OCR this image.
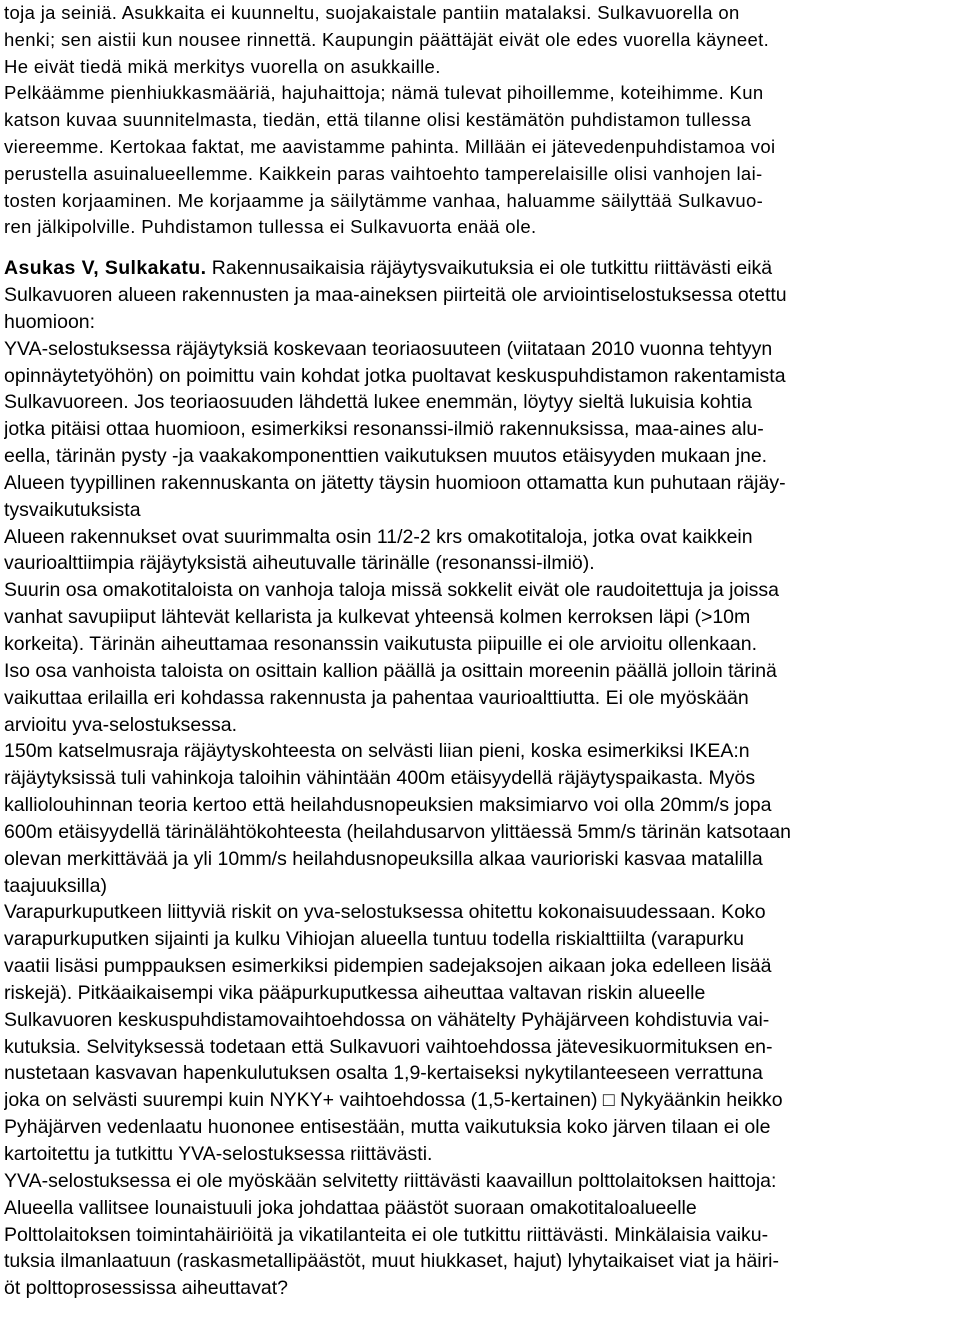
toja ja seiniä. Asukkaita ei kuunneltu, suojakaistale pantiin matalaksi. Sulkavuorella on
henki; sen aistii kun nousee rinnettä. Kaupungin päättäjät eivät ole edes vuorella käyneet.
He eivät tiedä mikä merkitys vuorella on asukkaille.
Pelkäämme pienhiukkasmääriä, hajuhaittoja; nämä tulevat pihoillemme, koteihimme. Kun
katson kuvaa suunnitelmasta, tiedän, että tilanne olisi kestämätön puhdistamon tullessa
viereemme. Kertokaa faktat, me aavistamme pahinta. Millään ei jätevedenpuhdistamoa voi
perustella asuinalueellemme. Kaikkein paras vaihtoehto tamperelaisille olisi vanhojen lai-
tosten korjaaminen. Me korjaamme ja säilytämme vanhaa, haluamme säilyttää Sulkavuo-
ren jälkipolville. Puhdistamon tullessa ei Sulkavuorta enää ole.
Asukas V, Sulkakatu. Rakennusaikaisia räjäytysvaikutuksia ei ole tutkittu riittävästi eikä
Sulkavuoren alueen rakennusten ja maa-aineksen piirteitä ole arviointiselostuksessa otettu
huomioon:
YVA-selostuksessa räjäytyksiä koskevaan teoriaosuuteen (viitataan 2010 vuonna tehtyyn
opinnäytetyöhön) on poimittu vain kohdat jotka puoltavat keskuspuhdistamon rakentamista
Sulkavuoreen. Jos teoriaosuuden lähdettä lukee enemmän, löytyy sieltä lukuisia kohtia
jotka pitäisi ottaa huomioon, esimerkiksi resonanssi-ilmiö rakennuksissa, maa-aines alu-
eella, tärinän pysty -ja vaakakomponenttien vaikutuksen muutos etäisyyden mukaan jne.
Alueen tyypillinen rakennuskanta on jätetty täysin huomioon ottamatta kun puhutaan räjäy-
tysvaikutuksista
Alueen rakennukset ovat suurimmalta osin 11/2-2 krs omakotitaloja, jotka ovat kaikkein
vaurioalttiimpia räjäytyksistä aiheutuvalle tärinälle (resonanssi-ilmiö).
Suurin osa omakotitaloista on vanhoja taloja missä sokkelit eivät ole raudoitettuja ja joissa
vanhat savupiiput lähtevät kellarista ja kulkevat yhteensä kolmen kerroksen läpi (>10m
korkeita). Tärinän aiheuttamaa resonanssin vaikutusta piipuille ei ole arvioitu ollenkaan.
Iso osa vanhoista taloista on osittain kallion päällä ja osittain moreenin päällä jolloin tärinä
vaikuttaa erilailla eri kohdassa rakennusta ja pahentaa vaurioalttiutta. Ei ole myöskään
arvioitu yva-selostuksessa.
150m katselmusraja räjäytyskohteesta on selvästi liian pieni, koska esimerkiksi IKEA:n
räjäytyksissä tuli vahinkoja taloihin vähintään 400m etäisyydellä räjäytyspaikasta. Myös
kalliolouhinnan teoria kertoo että heilahdusnopeuksien maksimiarvo voi olla 20mm/s jopa
600m etäisyydellä tärinälähtökohteesta (heilahdusarvon ylittäessä 5mm/s tärinän katsotaan
olevan merkittävää ja yli 10mm/s heilahdusnopeuksilla alkaa vaurioriski kasvaa matalilla
taajuuksilla)
Varapurkuputkeen liittyviä riskit on yva-selostuksessa ohitettu kokonaisuudessaan. Koko
varapurkuputken sijainti ja kulku Vihiojan alueella tuntuu todella riskialttiilta (varapurku
vaatii lisäsi pumppauksen esimerkiksi pidempien sadejaksojen aikaan joka edelleen lisää
riskejä). Pitkäaikaisempi vika pääpurkuputkessa aiheuttaa valtavan riskin alueelle
Sulkavuoren keskuspuhdistamovaihtoehdossa on vähätelty Pyhäjärveen kohdistuvia vai-
kutuksia. Selvityksessä todetaan että Sulkavuori vaihtoehdossa jätevesikuormituksen en-
nustetaan kasvavan hapenkulutuksen osalta 1,9-kertaiseksi nykytilanteeseen verrattuna
joka on selvästi suurempi kuin NYKY+ vaihtoehdossa (1,5-kertainen) □ Nykyäänkin heikko
Pyhäjärven vedenlaatu huononee entisestään, mutta vaikutuksia koko järven tilaan ei ole
kartoitettu ja tutkittu YVA-selostuksessa riittävästi.
YVA-selostuksessa ei ole myöskään selvitetty riittävästi kaavaillun polttolaitoksen haittoja:
Alueella vallitsee lounaistuuli joka johdattaa päästöt suoraan omakotitaloalueelle
Polttolaitoksen toimintahäiriöitä ja vikatilanteita ei ole tutkittu riittävästi. Minkälaisia vaiku-
tuksia ilmanlaatuun (raskasmetallipäästöt, muut hiukkaset, hajut) lyhytaikaiset viat ja häiri-
öt polttoprosessissa aiheuttavat?
